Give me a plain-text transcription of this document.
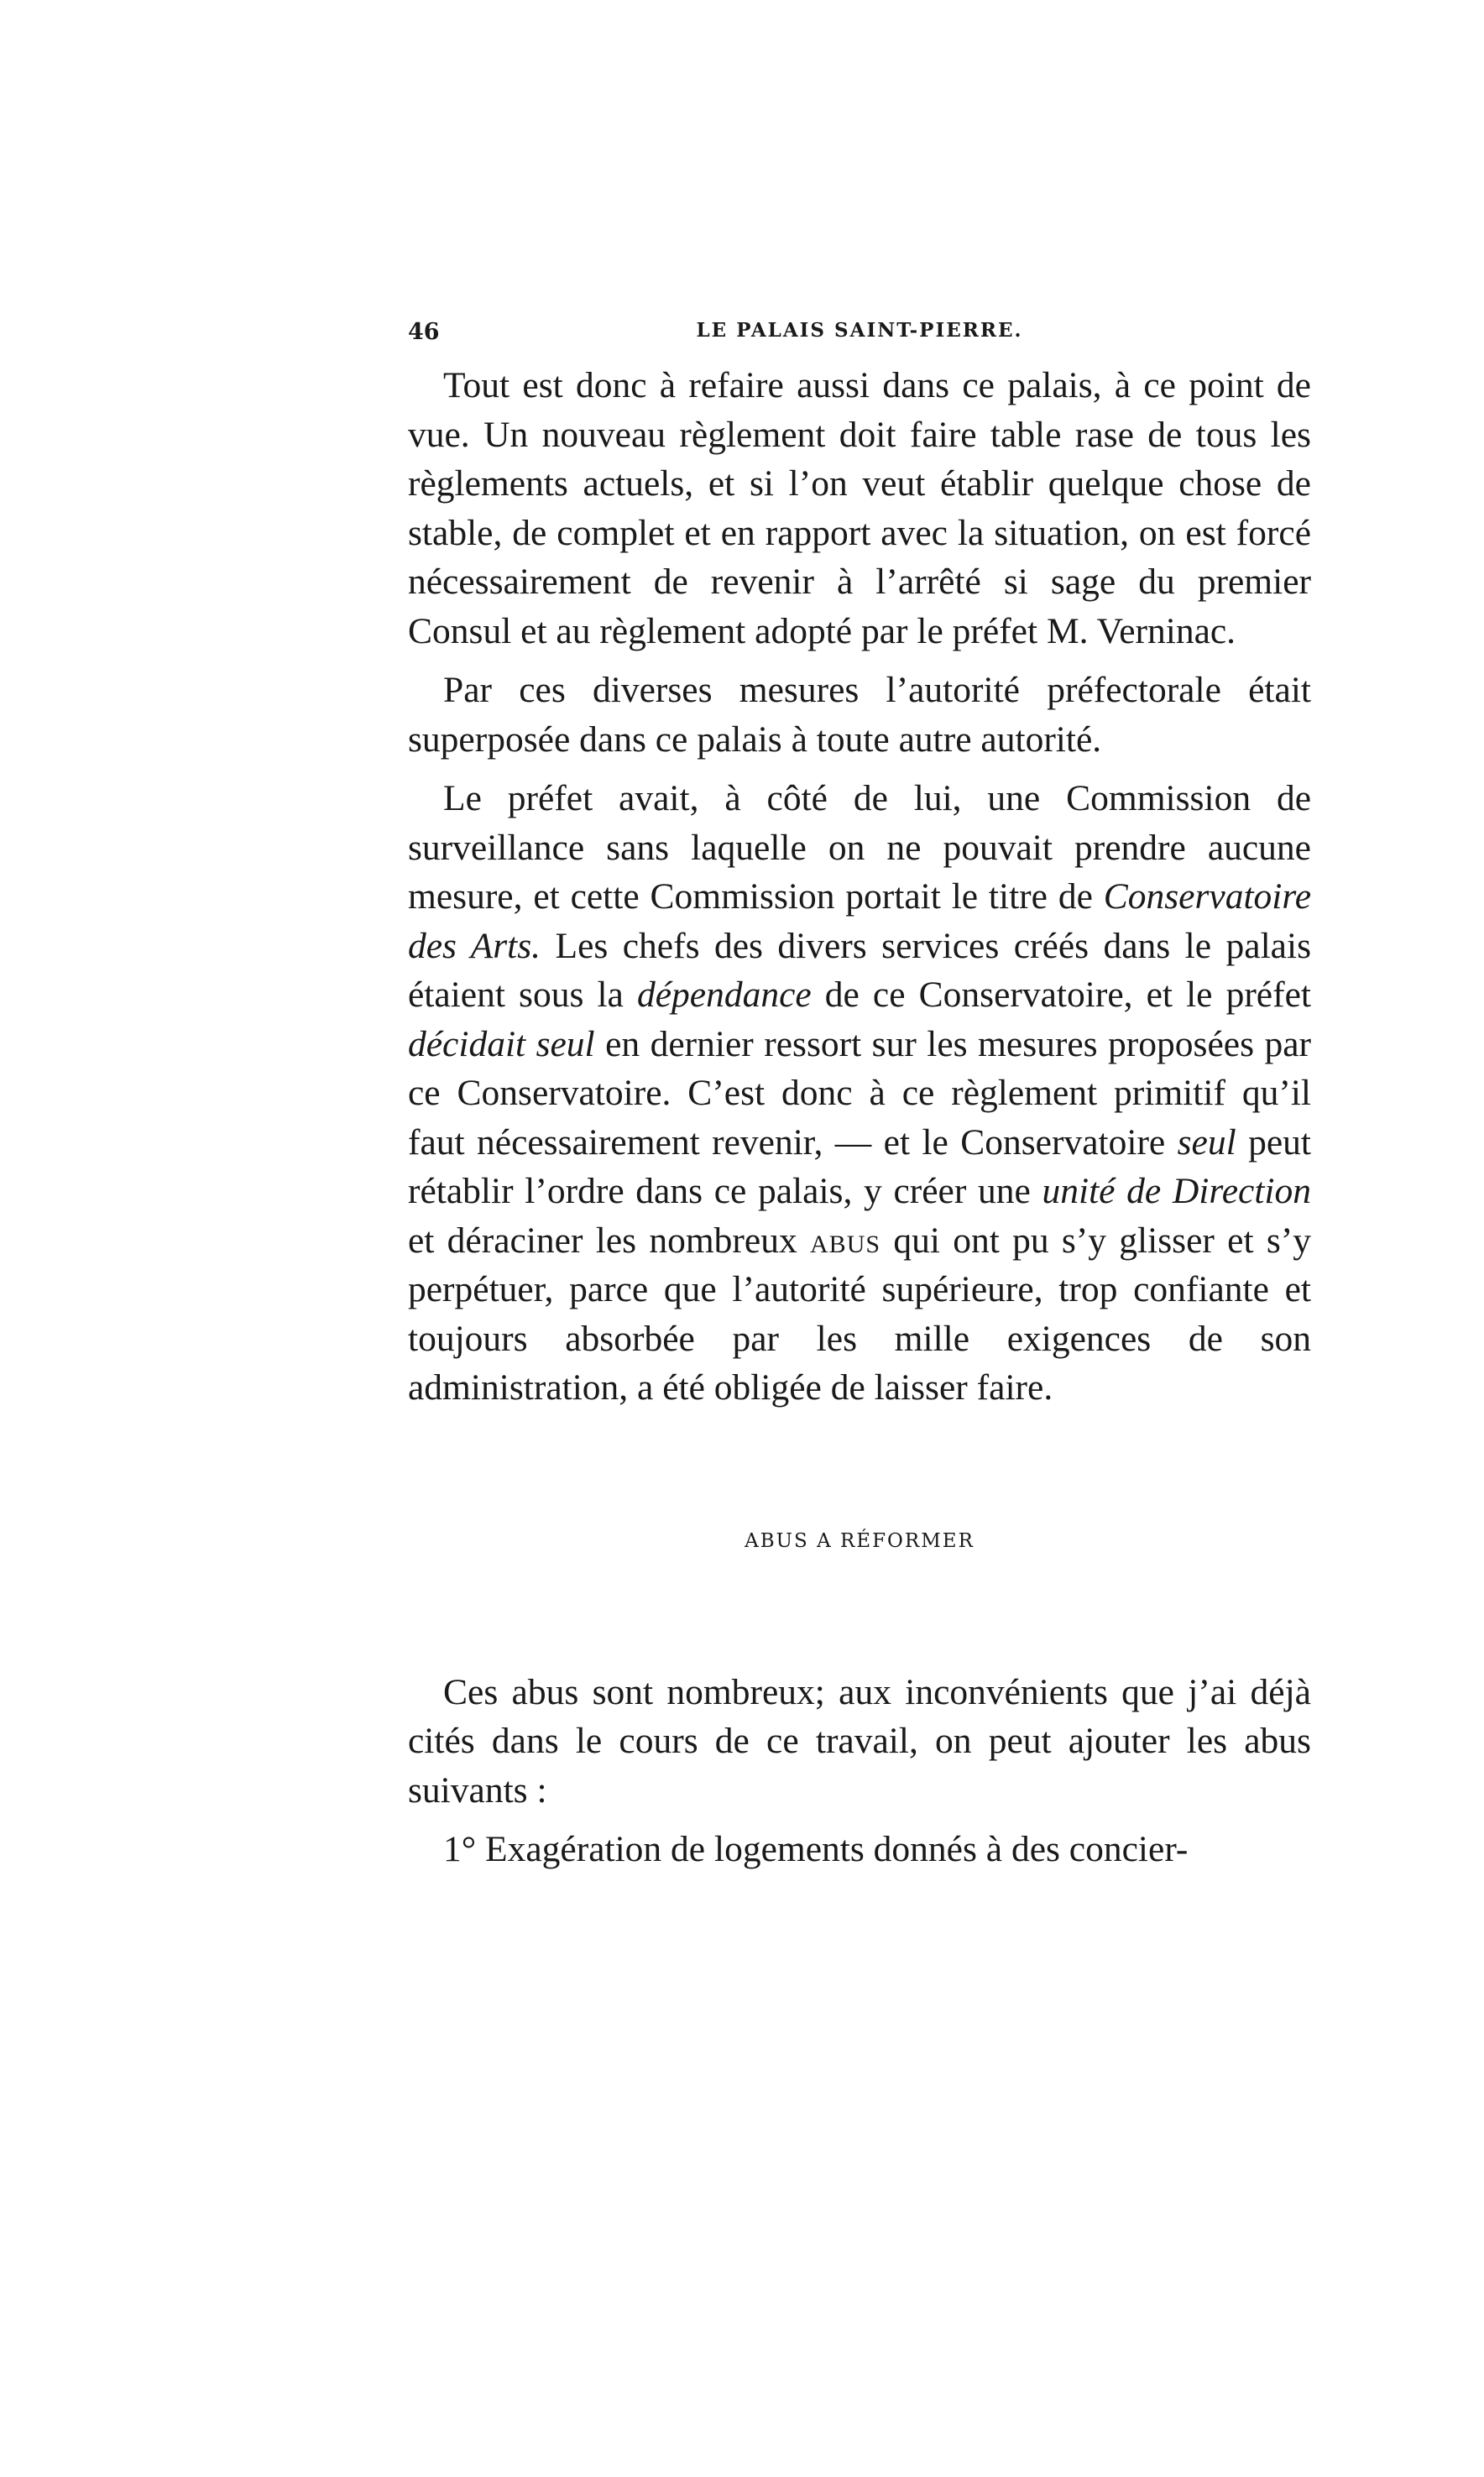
46	LE PALAIS SAINT-PIERRE.

Tout est donc à refaire aussi dans ce palais, à ce point de vue. Un nouveau règlement doit faire table rase de tous les règlements actuels, et si l’on veut établir quelque chose de stable, de complet et en rapport avec la situation, on est forcé nécessairement de revenir à l’arrêté si sage du premier Consul et au règlement adopté par le préfet M. Verninac.

Par ces diverses mesures l’autorité préfectorale était superposée dans ce palais à toute autre autorité.

Le préfet avait, à côté de lui, une Commission de surveillance sans laquelle on ne pouvait prendre aucune mesure, et cette Commission portait le titre de Conservatoire des Arts. Les chefs des divers services créés dans le palais étaient sous la dépendance de ce Conservatoire, et le préfet décidait seul en dernier ressort sur les mesures proposées par ce Conservatoire. C’est donc à ce règlement primitif qu’il faut nécessairement revenir, — et le Conservatoire seul peut rétablir l’ordre dans ce palais, y créer une unité de Direction et déraciner les nombreux abus qui ont pu s’y glisser et s’y perpétuer, parce que l’autorité supérieure, trop confiante et toujours absorbée par les mille exigences de son administration, a été obligée de laisser faire.

ABUS A RÉFORMER

Ces abus sont nombreux; aux inconvénients que j’ai déjà cités dans le cours de ce travail, on peut ajouter les abus suivants :

1° Exagération de logements donnés à des concier-
